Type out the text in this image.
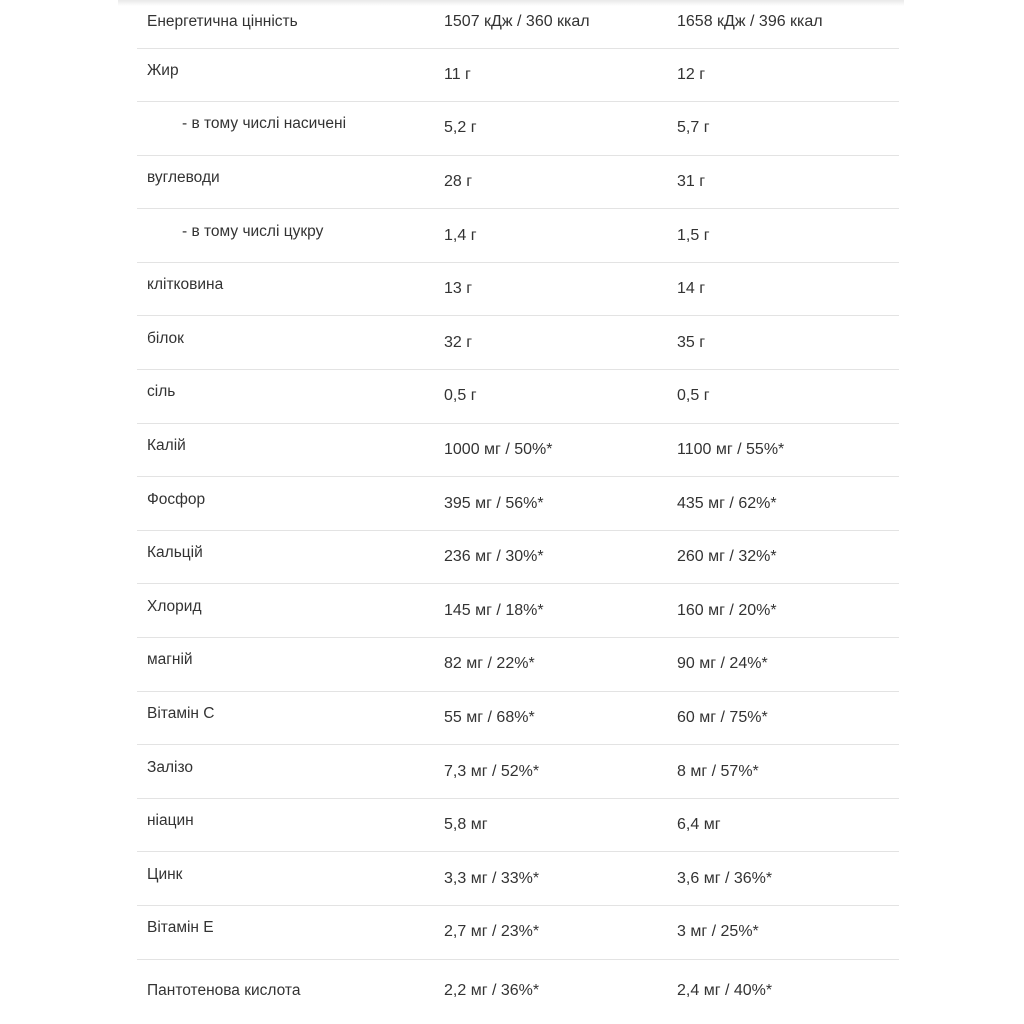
Енергетична цінність	1507 кДж / 360 ккал	1658 кДж / 396 ккал
Жир	11 г	12 г
- в тому числі насичені	5,2 г	5,7 г
вуглеводи	28 г	31 г
- в тому числі цукру	1,4 г	1,5 г
клітковина	13 г	14 г
білок	32 г	35 г
сіль	0,5 г	0,5 г
Калій	1000 мг / 50%*	1100 мг / 55%*
Фосфор	395 мг / 56%*	435 мг / 62%*
Кальцій	236 мг / 30%*	260 мг / 32%*
Хлорид	145 мг / 18%*	160 мг / 20%*
магній	82 мг / 22%*	90 мг / 24%*
Вітамін С	55 мг / 68%*	60 мг / 75%*
Залізо	7,3 мг / 52%*	8 мг / 57%*
ніацин	5,8 мг	6,4 мг
Цинк	3,3 мг / 33%*	3,6 мг / 36%*
Вітамін Е	2,7 мг / 23%*	3 мг / 25%*
Пантотенова кислота	2,2 мг / 36%*	2,4 мг / 40%*
